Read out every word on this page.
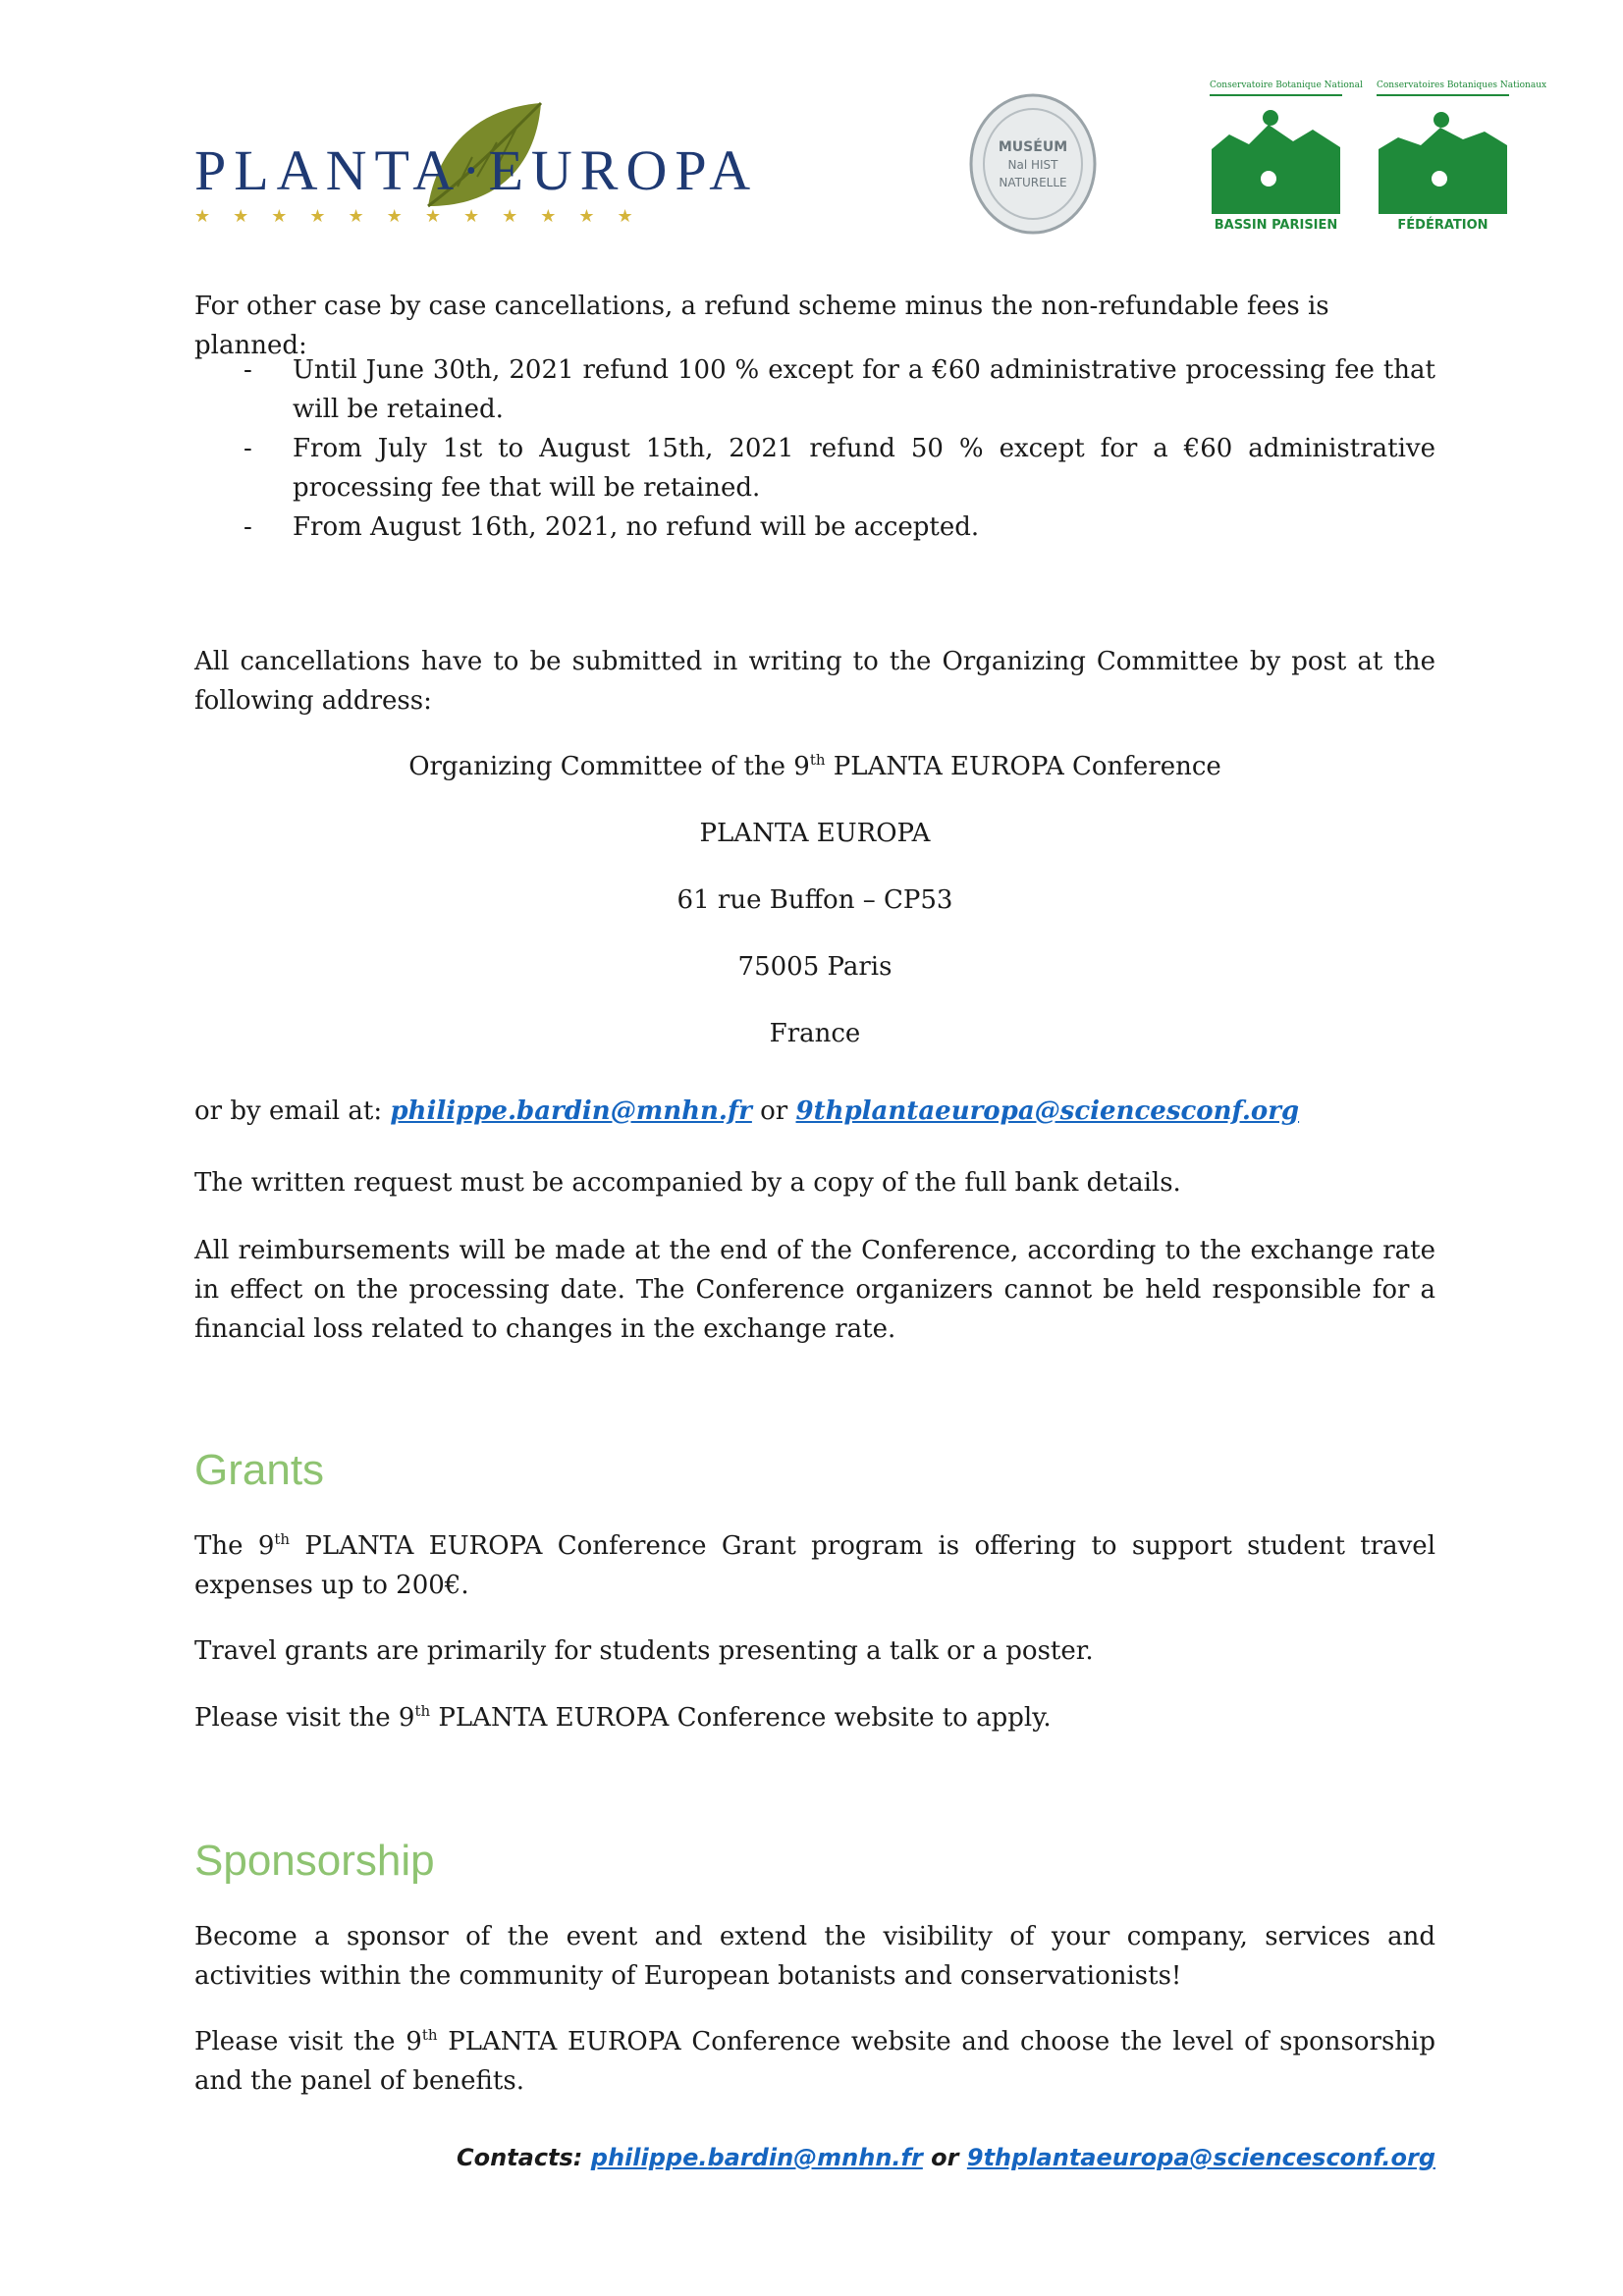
PLANTA·EUROPA
★★★★★★★★★★★★
MUSÉUM
Nal HIST
NATURELLE
Conservatoire Botanique National
BASSIN PARISIEN
Conservatoires Botaniques Nationaux
FÉDÉRATION
For other case by case cancellations, a refund scheme minus the non-refundable fees is planned:
- Until June 30th, 2021 refund 100 % except for a €60 administrative processing fee that will be retained.
- From July 1st to August 15th, 2021 refund 50 % except for a €60 administrative processing fee that will be retained.
- From August 16th, 2021, no refund will be accepted.
All cancellations have to be submitted in writing to the Organizing Committee by post at the following address:
Organizing Committee of the 9th PLANTA EUROPA Conference
PLANTA EUROPA
61 rue Buffon – CP53
75005 Paris
France
or by email at: philippe.bardin@mnhn.fr or 9thplantaeuropa@sciencesconf.org
The written request must be accompanied by a copy of the full bank details.
All reimbursements will be made at the end of the Conference, according to the exchange rate in effect on the processing date. The Conference organizers cannot be held responsible for a financial loss related to changes in the exchange rate.
Grants
The 9th PLANTA EUROPA Conference Grant program is offering to support student travel expenses up to 200€.
Travel grants are primarily for students presenting a talk or a poster.
Please visit the 9th PLANTA EUROPA Conference website to apply.
Sponsorship
Become a sponsor of the event and extend the visibility of your company, services and activities within the community of European botanists and conservationists!
Please visit the 9th PLANTA EUROPA Conference website and choose the level of sponsorship and the panel of benefits.
Contacts: philippe.bardin@mnhn.fr or 9thplantaeuropa@sciencesconf.org
